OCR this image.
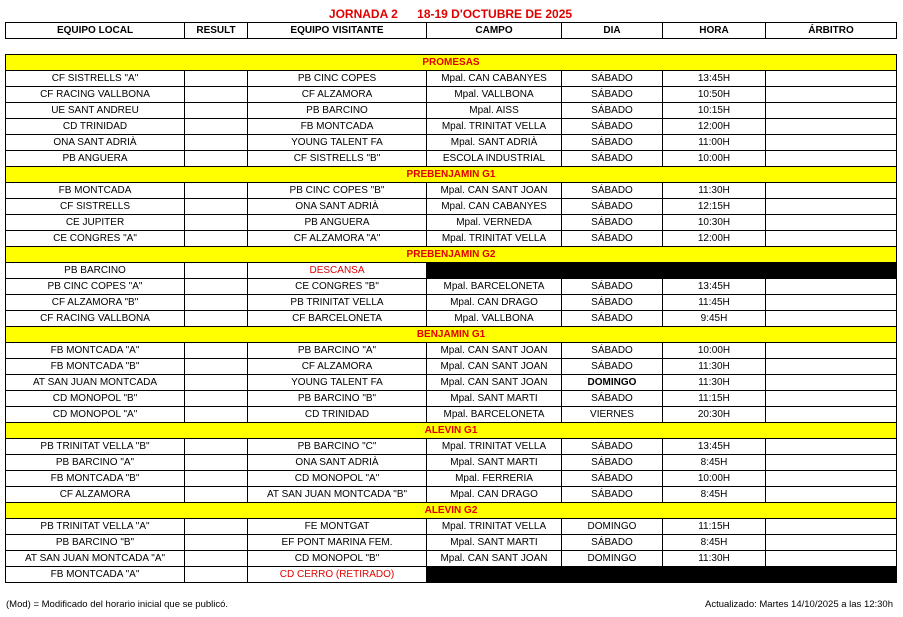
JORNADA 2 18-19 D'OCTUBRE DE 2025
EQUIPO LOCAL	RESULT	EQUIPO VISITANTE	CAMPO	DIA	HORA	ÁRBITRO
PROMESAS						
CF SISTRELLS "A"		PB CINC COPES	Mpal. CAN CABANYES	SÁBADO	13:45H	
CF RACING VALLBONA		CF ALZAMORA	Mpal. VALLBONA	SÁBADO	10:50H	
UE SANT ANDREU		PB BARCINO	Mpal. AISS	SÁBADO	10:15H	
CD TRINIDAD		FB MONTCADA	Mpal. TRINITAT VELLA	SÁBADO	12:00H	
ONA SANT ADRIÀ		YOUNG TALENT FA	Mpal. SANT ADRIÀ	SÁBADO	11:00H	
PB ANGUERA		CF SISTRELLS "B"	ESCOLA INDUSTRIAL	SÁBADO	10:00H	
PREBENJAMIN G1						
FB MONTCADA		PB CINC COPES "B"	Mpal. CAN SANT JOAN	SÁBADO	11:30H	
CF SISTRELLS		ONA SANT ADRIÀ	Mpal. CAN CABANYES	SÁBADO	12:15H	
CE JUPITER		PB ANGUERA	Mpal. VERNEDA	SÁBADO	10:30H	
CE CONGRES "A"		CF ALZAMORA "A"	Mpal. TRINITAT VELLA	SÁBADO	12:00H	
PREBENJAMIN G2						
PB BARCINO		DESCANSA				
PB CINC COPES "A"		CE CONGRES "B"	Mpal. BARCELONETA	SÁBADO	13:45H	
CF ALZAMORA "B"		PB TRINITAT VELLA	Mpal. CAN DRAGO	SÁBADO	11:45H	
CF RACING VALLBONA		CF BARCELONETA	Mpal. VALLBONA	SÁBADO	9:45H	
BENJAMIN G1						
FB MONTCADA "A"		PB BARCINO "A"	Mpal. CAN SANT JOAN	SÁBADO	10:00H	
FB MONTCADA "B"		CF ALZAMORA	Mpal. CAN SANT JOAN	SÁBADO	11:30H	
AT SAN JUAN MONTCADA		YOUNG TALENT FA	Mpal. CAN SANT JOAN	DOMINGO	11:30H	
CD MONOPOL "B"		PB BARCINO "B"	Mpal. SANT MARTI	SÁBADO	11:15H	
CD MONOPOL "A"		CD TRINIDAD	Mpal. BARCELONETA	VIERNES	20:30H	
ALEVIN G1						
PB TRINITAT VELLA "B"		PB BARCINO "C"	Mpal. TRINITAT VELLA	SÁBADO	13:45H	
PB BARCINO "A"		ONA SANT ADRIÀ	Mpal. SANT MARTI	SÁBADO	8:45H	
FB MONTCADA "B"		CD MONOPOL "A"	Mpal. FERRERIA	SÁBADO	10:00H	
CF ALZAMORA		AT SAN JUAN MONTCADA "B"	Mpal. CAN DRAGO	SÁBADO	8:45H	
ALEVIN G2						
PB TRINITAT VELLA "A"		FE MONTGAT	Mpal. TRINITAT VELLA	DOMINGO	11:15H	
PB BARCINO "B"		EF PONT MARINA FEM.	Mpal. SANT MARTI	SÁBADO	8:45H	
AT SAN JUAN MONTCADA "A"		CD MONOPOL "B"	Mpal. CAN SANT JOAN	DOMINGO	11:30H	
FB MONTCADA "A"		CD CERRO (RETIRADO)				
(Mod) = Modificado del horario inicial que se publicó.	Actualizado: Martes 14/10/2025 a las 12:30h
